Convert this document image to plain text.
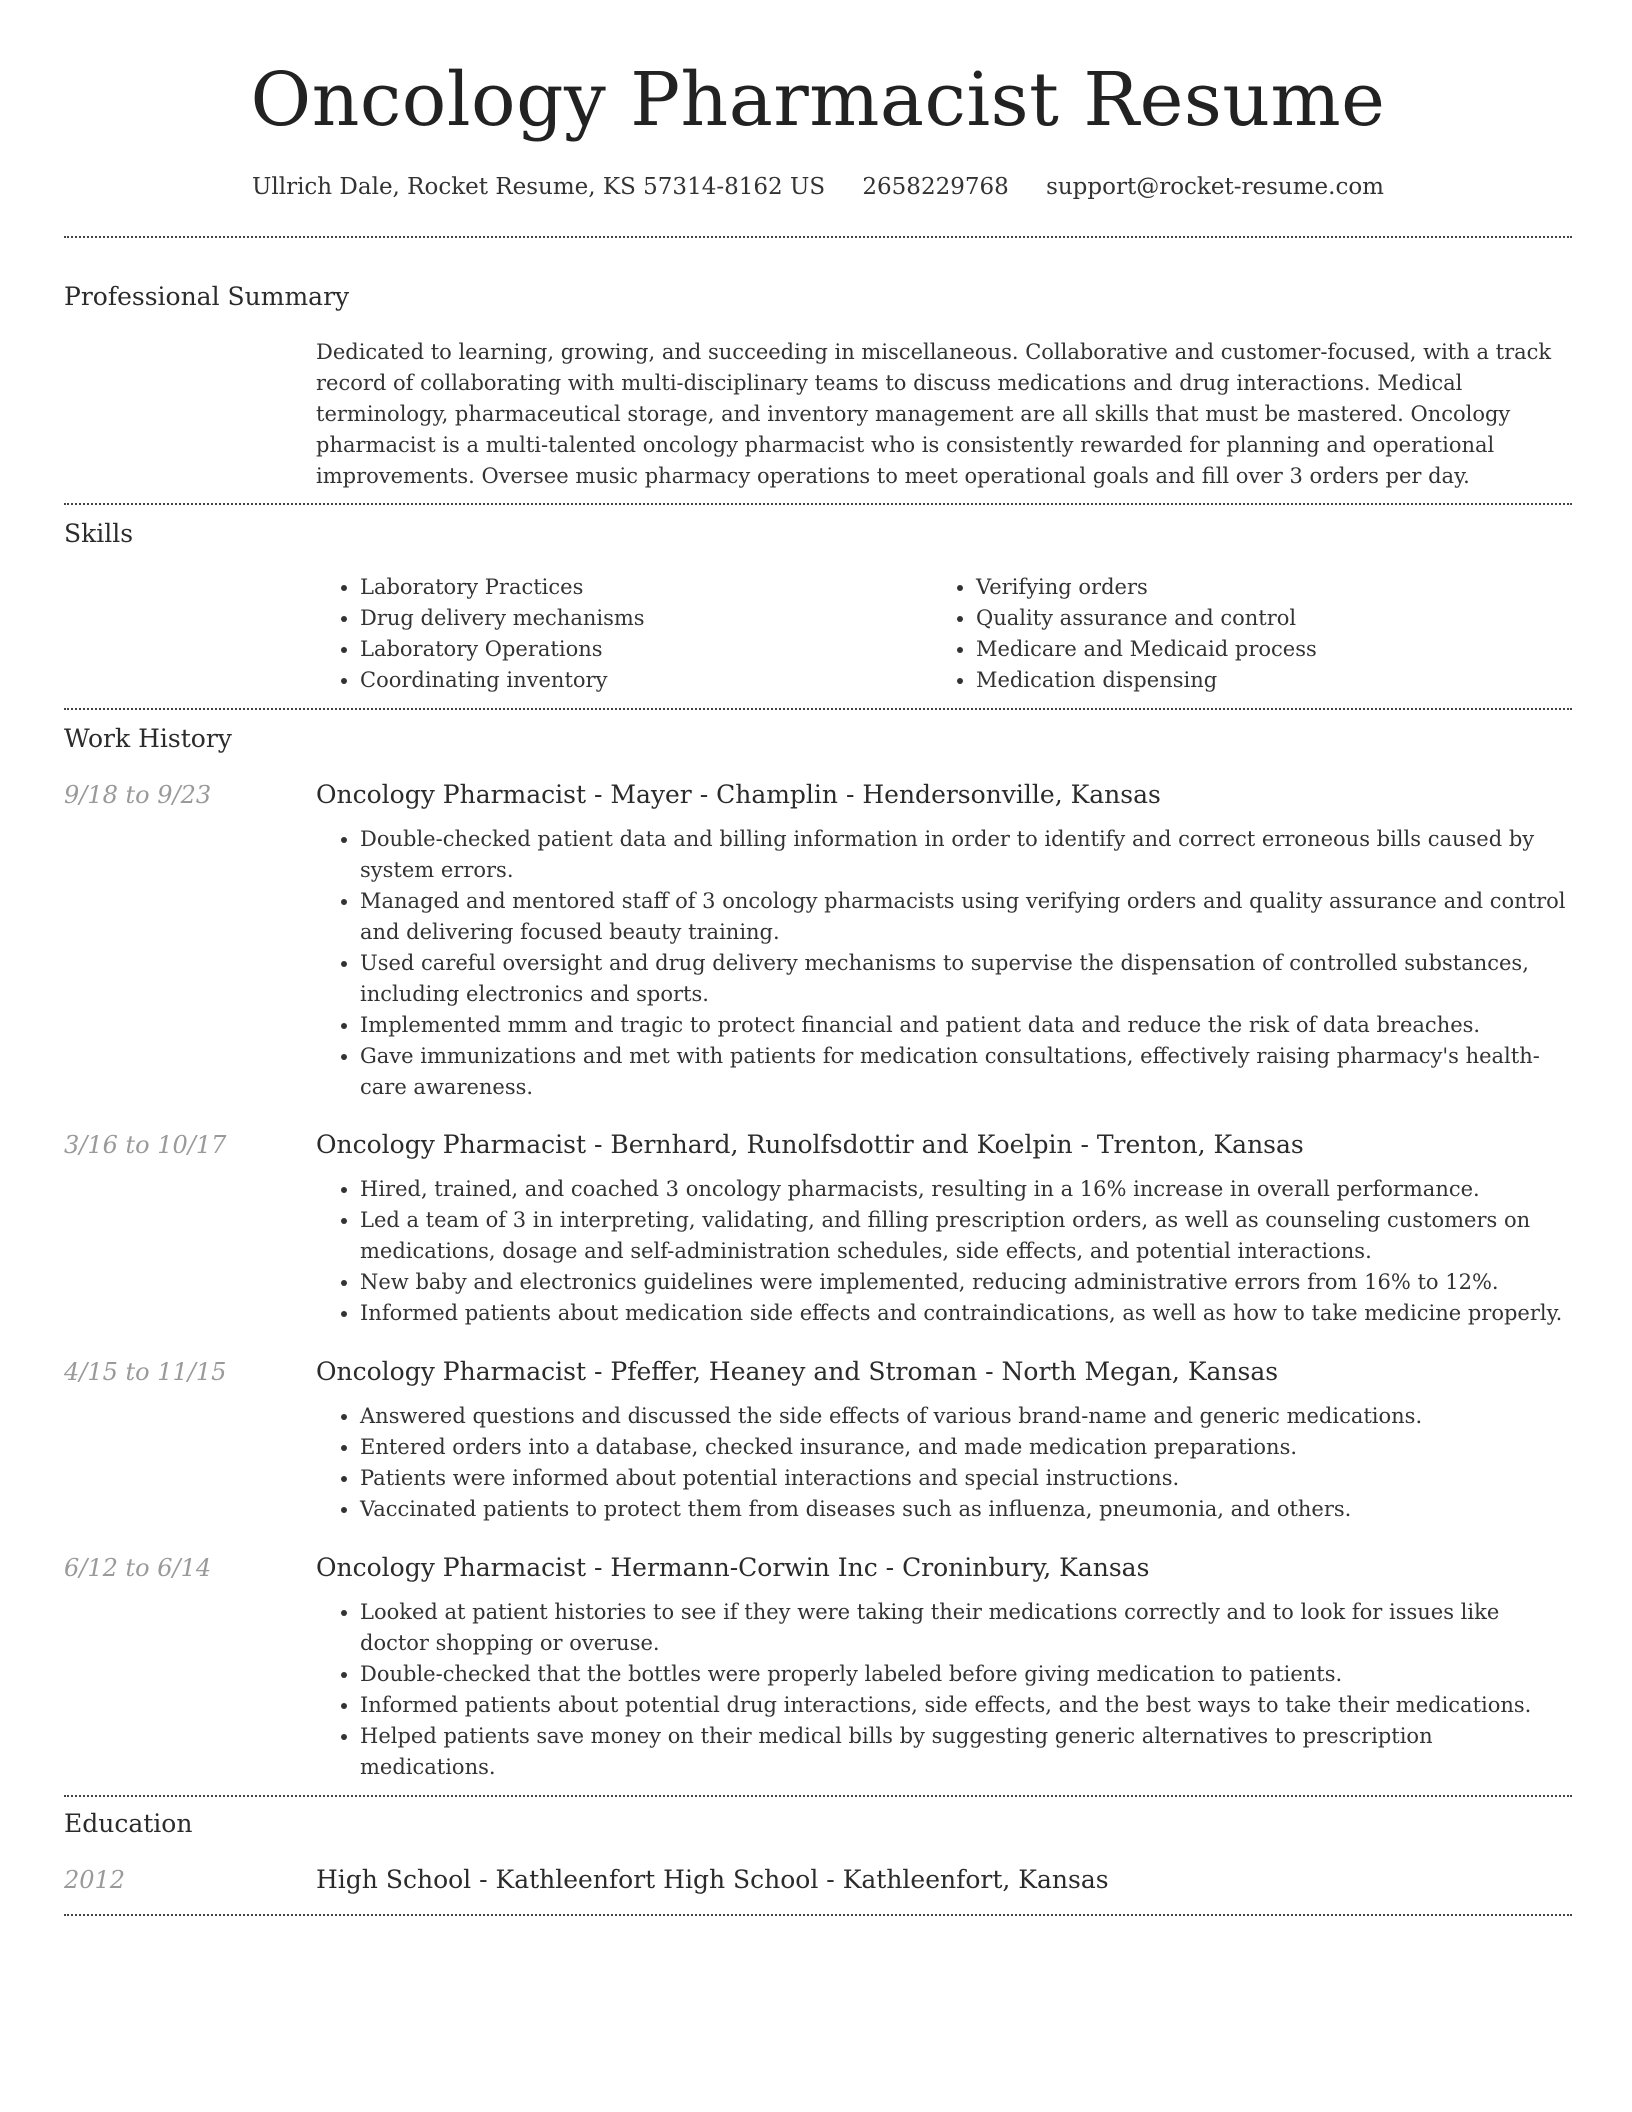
Oncology Pharmacist Resume
Ullrich Dale, Rocket Resume, KS 57314-8162 US 2658229768 support@rocket-resume.com
Professional Summary

Dedicated to learning, growing, and succeeding in miscellaneous. Collaborative and customer-focused, with a track record of collaborating with multi-disciplinary teams to discuss medications and drug interactions. Medical terminology, pharmaceutical storage, and inventory management are all skills that must be mastered. Oncology pharmacist is a multi-talented oncology pharmacist who is consistently rewarded for planning and operational improvements. Oversee music pharmacy operations to meet operational goals and fill over 3 orders per day.

Skills
• Laboratory Practices
• Drug delivery mechanisms
• Laboratory Operations
• Coordinating inventory
• Verifying orders
• Quality assurance and control
• Medicare and Medicaid process
• Medication dispensing
Work History
9/18 to 9/23	Oncology Pharmacist - Mayer - Champlin - Hendersonville, Kansas
• Double-checked patient data and billing information in order to identify and correct erroneous bills caused by system errors.
• Managed and mentored staff of 3 oncology pharmacists using verifying orders and quality assurance and control and delivering focused beauty training.
• Used careful oversight and drug delivery mechanisms to supervise the dispensation of controlled substances, including electronics and sports.
• Implemented mmm and tragic to protect financial and patient data and reduce the risk of data breaches.
• Gave immunizations and met with patients for medication consultations, effectively raising pharmacy's health-care awareness.
3/16 to 10/17	Oncology Pharmacist - Bernhard, Runolfsdottir and Koelpin - Trenton, Kansas
• Hired, trained, and coached 3 oncology pharmacists, resulting in a 16% increase in overall performance.
• Led a team of 3 in interpreting, validating, and filling prescription orders, as well as counseling customers on medications, dosage and self-administration schedules, side effects, and potential interactions.
• New baby and electronics guidelines were implemented, reducing administrative errors from 16% to 12%.
• Informed patients about medication side effects and contraindications, as well as how to take medicine properly.
4/15 to 11/15	Oncology Pharmacist - Pfeffer, Heaney and Stroman - North Megan, Kansas
• Answered questions and discussed the side effects of various brand-name and generic medications.
• Entered orders into a database, checked insurance, and made medication preparations.
• Patients were informed about potential interactions and special instructions.
• Vaccinated patients to protect them from diseases such as influenza, pneumonia, and others.
6/12 to 6/14	Oncology Pharmacist - Hermann-Corwin Inc - Croninbury, Kansas
• Looked at patient histories to see if they were taking their medications correctly and to look for issues like doctor shopping or overuse.
• Double-checked that the bottles were properly labeled before giving medication to patients.
• Informed patients about potential drug interactions, side effects, and the best ways to take their medications.
• Helped patients save money on their medical bills by suggesting generic alternatives to prescription medications.
Education
2012	High School - Kathleenfort High School - Kathleenfort, Kansas
